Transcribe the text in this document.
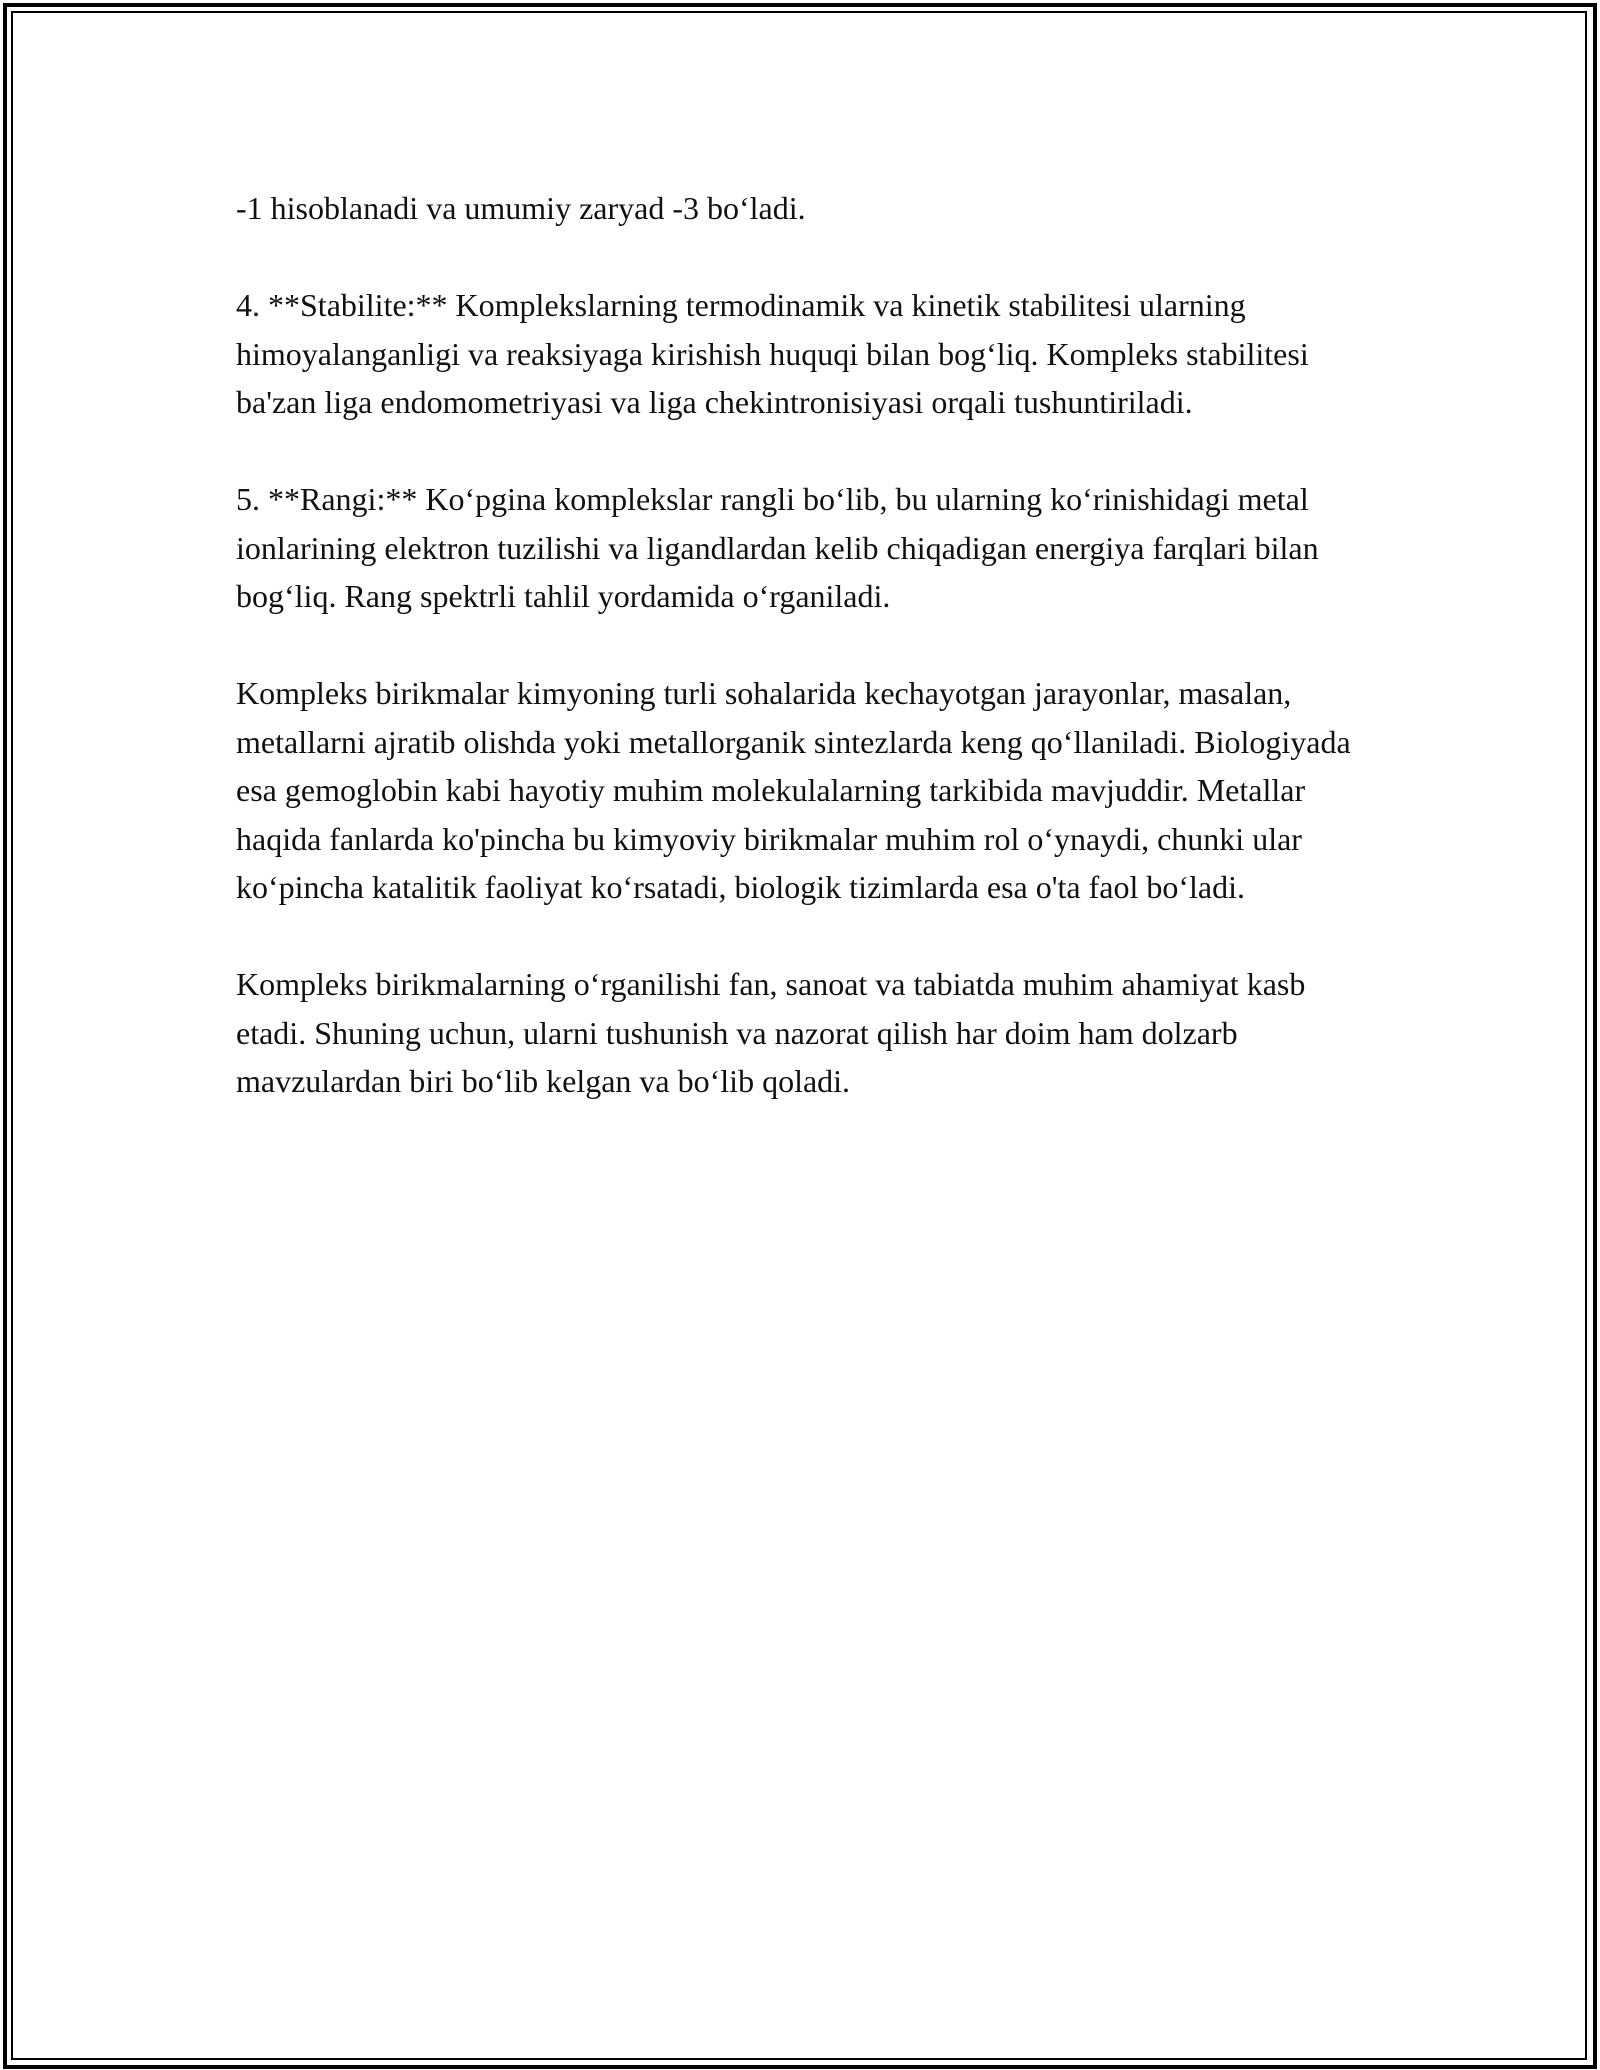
-1 hisoblanadi va umumiy zaryad -3 bo‘ladi.

4. **Stabilite:** Komplekslarning termodinamik va kinetik stabilitesi ularning himoyalanganligi va reaksiyaga kirishish huquqi bilan bog‘liq. Kompleks stabilitesi ba'zan liga endomometriyasi va liga chekintronisiyasi orqali tushuntiriladi.

5. **Rangi:** Ko‘pgina komplekslar rangli bo‘lib, bu ularning ko‘rinishidagi metal ionlarining elektron tuzilishi va ligandlardan kelib chiqadigan energiya farqlari bilan bog‘liq. Rang spektrli tahlil yordamida o‘rganiladi.

Kompleks birikmalar kimyoning turli sohalarida kechayotgan jarayonlar, masalan, metallarni ajratib olishda yoki metallorganik sintezlarda keng qo‘llaniladi. Biologiyada esa gemoglobin kabi hayotiy muhim molekulalarning tarkibida mavjuddir. Metallar haqida fanlarda ko'pincha bu kimyoviy birikmalar muhim rol o‘ynaydi, chunki ular ko‘pincha katalitik faoliyat ko‘rsatadi, biologik tizimlarda esa o'ta faol bo‘ladi.

Kompleks birikmalarning o‘rganilishi fan, sanoat va tabiatda muhim ahamiyat kasb etadi. Shuning uchun, ularni tushunish va nazorat qilish har doim ham dolzarb mavzulardan biri bo‘lib kelgan va bo‘lib qoladi.
